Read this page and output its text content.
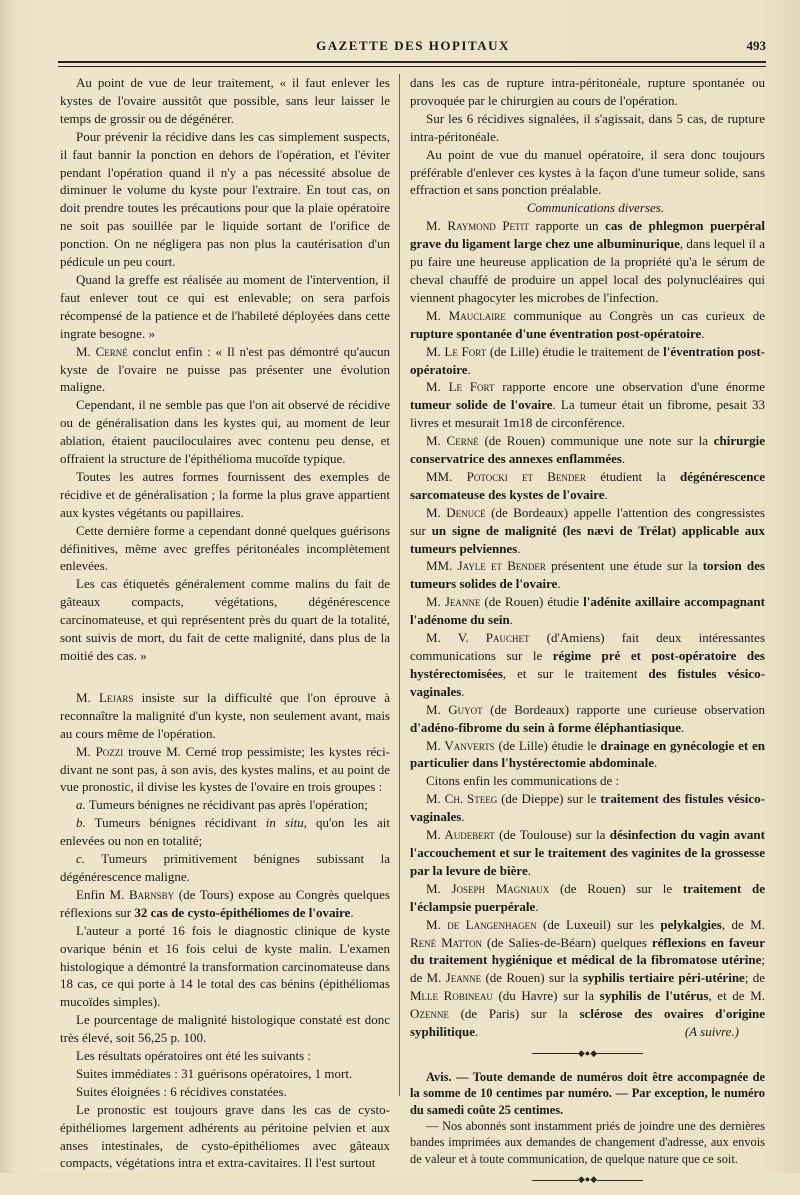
GAZETTE DES HOPITAUX	493

Au point de vue de leur traitement, « il faut enlever les kystes de l'ovaire aussitôt que possible, sans leur laisser le temps de grossir ou de dégénérer.

Pour prévenir la récidive dans les cas simplement suspects, il faut bannir la ponction en dehors de l'opération, et l'éviter pendant l'opération quand il n'y a pas nécessité absolue de diminuer le volume du kyste pour l'extraire. En tout cas, on doit prendre toutes les précautions pour que la plaie opératoire ne soit pas souillée par le liquide sortant de l'orifice de ponction. On ne négligera pas non plus la cautérisation d'un pédicule un peu court.

Quand la greffe est réalisée au moment de l'intervention, il faut enlever tout ce qui est enlevable; on sera parfois récompensé de la patience et de l'habileté déployées dans cette ingrate besogne. »

M. Cerné conclut enfin : « Il n'est pas démontré qu'aucun kyste de l'ovaire ne puisse pas présenter une évolution maligne.

Cependant, il ne semble pas que l'on ait observé de récidive ou de généralisation dans les kystes qui, au moment de leur ablation, étaient pauciloculaires avec contenu peu dense, et offraient la structure de l'épithélioma mucoïde typique.

Toutes les autres formes fournissent des exemples de récidive et de généralisation ; la forme la plus grave appartient aux kystes végétants ou papillaires.

Cette dernière forme a cependant donné quelques guérisons définitives, même avec greffes péritonéales incomplètement enlevées.

Les cas étiquetés généralement comme malins du fait de gâteaux compacts, végétations, dégénérescence carcinomateuse, et qui représentent près du quart de la totalité, sont suivis de mort, du fait de cette malignité, dans plus de la moitié des cas. »

M. Lejars insiste sur la difficulté que l'on éprouve à reconnaître la malignité d'un kyste, non seulement avant, mais au cours même de l'opération.

M. Pozzi trouve M. Cerné trop pessimiste; les kystes réci-divant ne sont pas, à son avis, des kystes malins, et au point de vue pronostic, il divise les kystes de l'ovaire en trois groupes :

a. Tumeurs bénignes ne récidivant pas après l'opération;

b. Tumeurs bénignes récidivant in situ, qu'on les ait enlevées ou non en totalité;

c. Tumeurs primitivement bénignes subissant la dégénérescence maligne.

Enfin M. Barnsby (de Tours) expose au Congrès quelques réflexions sur 32 cas de cysto-épithéliomes de l'ovaire.

L'auteur a porté 16 fois le diagnostic clinique de kyste ovarique bénin et 16 fois celui de kyste malin. L'examen histologique a démontré la transformation carcinomateuse dans 18 cas, ce qui porte à 14 le total des cas bénins (épithéliomas mucoïdes simples).

Le pourcentage de malignité histologique constaté est donc très élevé, soit 56,25 p. 100.

Les résultats opératoires ont été les suivants :

Suites immédiates : 31 guérisons opératoires, 1 mort.

Suites éloignées : 6 récidives constatées.

Le pronostic est toujours grave dans les cas de cysto-épithéliomes largement adhérents au péritoine pelvien et aux anses intestinales, de cysto-épithéliomes avec gâteaux compacts, végétations intra et extra-cavitaires. Il l'est surtout

dans les cas de rupture intra-péritonéale, rupture spontanée ou provoquée par le chirurgien au cours de l'opération.

Sur les 6 récidives signalées, il s'agissait, dans 5 cas, de rupture intra-péritonéale.

Au point de vue du manuel opératoire, il sera donc toujours préférable d'enlever ces kystes à la façon d'une tumeur solide, sans effraction et sans ponction préalable.

Communications diverses.

M. Raymond Petit rapporte un cas de phlegmon puerpéral grave du ligament large chez une albuminurique, dans lequel il a pu faire une heureuse application de la propriété qu'a le sérum de cheval chauffé de produire un appel local des polynucléaires qui viennent phagocyter les microbes de l'infection.

M. Mauclaire communique au Congrès un cas curieux de rupture spontanée d'une éventration post-opératoire.

M. Le Fort (de Lille) étudie le traitement de l'éventration post-opératoire.

M. Le Fort rapporte encore une observation d'une énorme tumeur solide de l'ovaire. La tumeur était un fibrome, pesait 33 livres et mesurait 1m18 de circonférence.

M. Cerné (de Rouen) communique une note sur la chirurgie conservatrice des annexes enflammées.

MM. Potocki et Bender étudient la dégénérescence sarcomateuse des kystes de l'ovaire.

M. Denucé (de Bordeaux) appelle l'attention des congressistes sur un signe de malignité (les nævi de Trélat) applicable aux tumeurs pelviennes.

MM. Jayle et Bender présentent une étude sur la torsion des tumeurs solides de l'ovaire.

M. Jeanne (de Rouen) étudie l'adénite axillaire accompagnant l'adénome du sein.

M. V. Pauchet (d'Amiens) fait deux intéressantes communications sur le régime pré et post-opératoire des hystérectomisées, et sur le traitement des fistules vésico-vaginales.

M. Guyot (de Bordeaux) rapporte une curieuse observation d'adéno-fibrome du sein à forme éléphantiasique.

M. Vanverts (de Lille) étudie le drainage en gynécologie et en particulier dans l'hystérectomie abdominale.

Citons enfin les communications de :

M. Ch. Steeg (de Dieppe) sur le traitement des fistules vésico-vaginales.

M. Audebert (de Toulouse) sur la désinfection du vagin avant l'accouchement et sur le traitement des vaginites de la grossesse par la levure de bière.

M. Joseph Magniaux (de Rouen) sur le traitement de l'éclampsie puerpérale.

M. de Langenhagen (de Luxeuil) sur les pelykalgies, de M. René Matton (de Salies-de-Béarn) quelques réflexions en faveur du traitement hygiénique et médical de la fibromatose utérine; de M. Jeanne (de Rouen) sur la syphilis tertiaire péri-utérine; de Mlle Robineau (du Havre) sur la syphilis de l'utérus, et de M. Ozenne (de Paris) sur la sclérose des ovaires d'origine syphilitique.	(A suivre.)

◆●◆

Avis. — Toute demande de numéros doit être accompagnée de la somme de 10 centimes par numéro. — Par exception, le numéro du samedi coûte 25 centimes.

— Nos abonnés sont instamment priés de joindre une des dernières bandes imprimées aux demandes de changement d'adresse, aux envois de valeur et à toute communication, de quelque nature que ce soit.

◆●◆
